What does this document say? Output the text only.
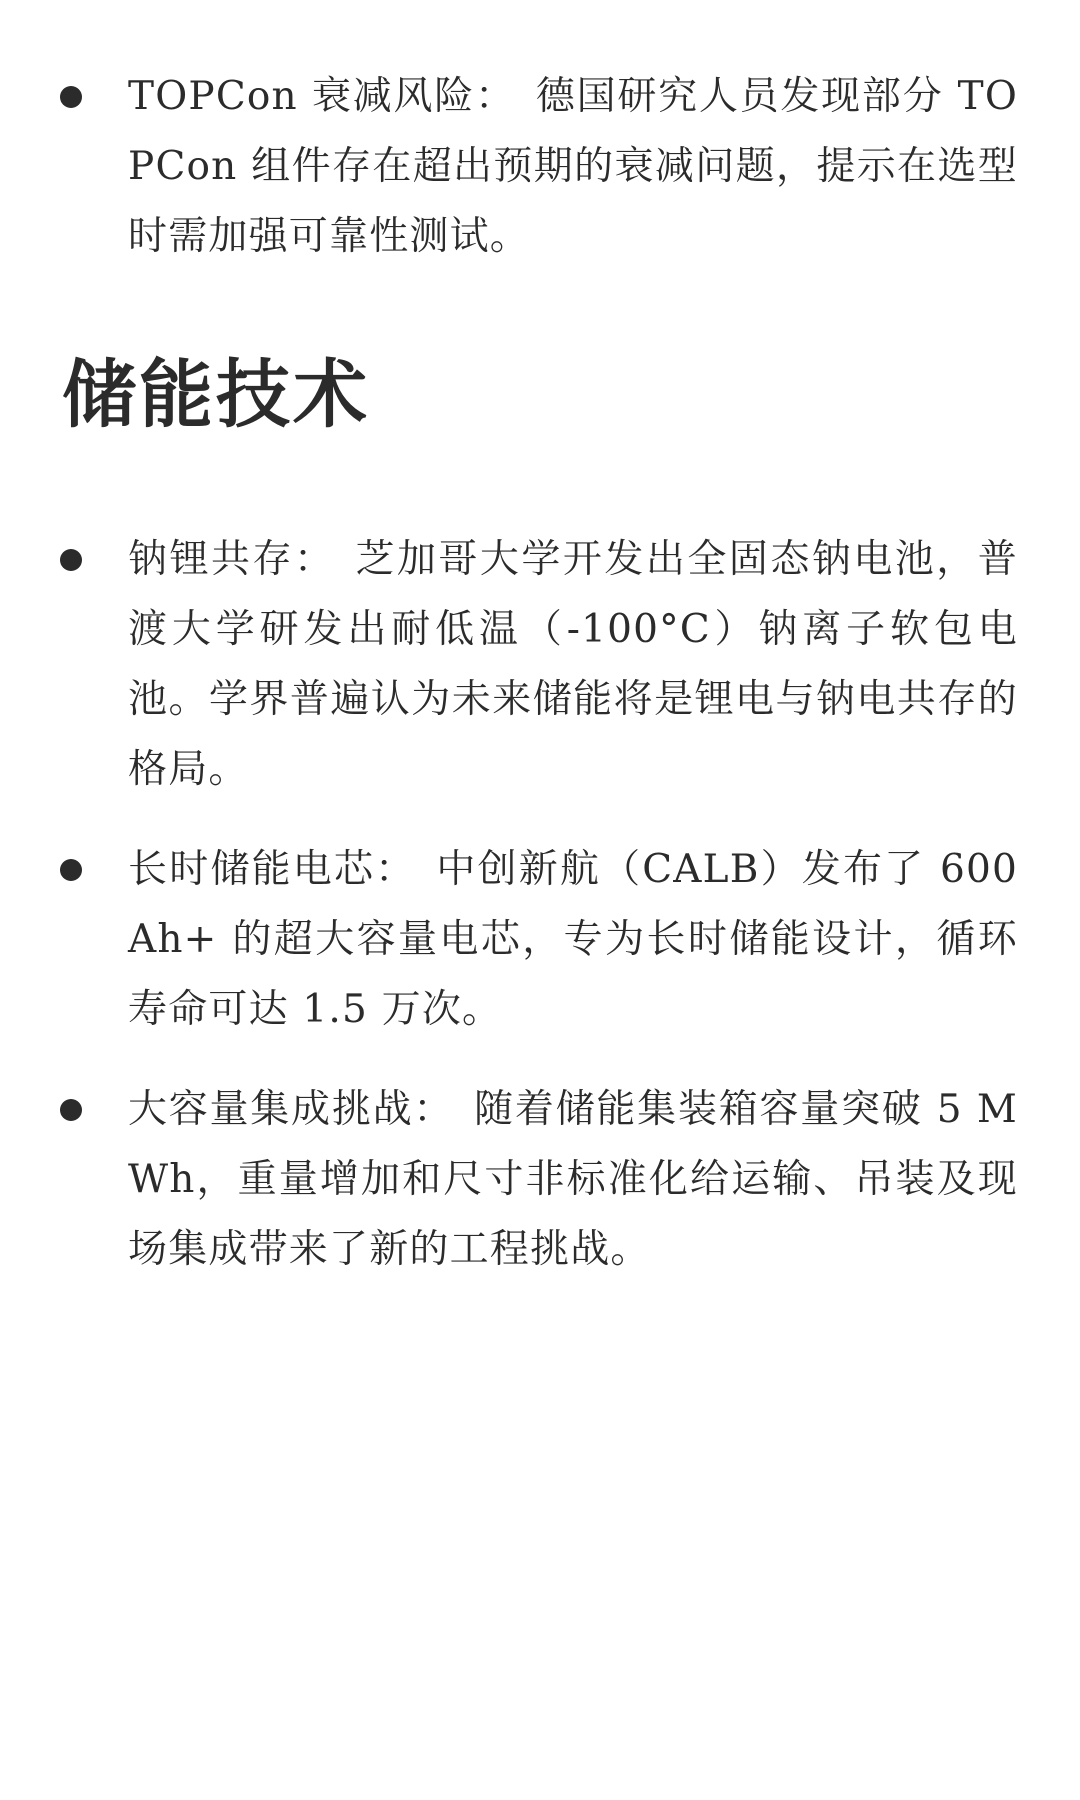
TOPCon 衰减风险： 德国研究人员发现部分 TOPCon 组件存在超出预期的衰减问题，提示在选型时需加强可靠性测试。
储能技术
钠锂共存： 芝加哥大学开发出全固态钠电池，普渡大学研发出耐低温（-100°C）钠离子软包电池。学界普遍认为未来储能将是锂电与钠电共存的格局。
长时储能电芯： 中创新航（CALB）发布了 600Ah+ 的超大容量电芯，专为长时储能设计，循环寿命可达 1.5 万次。
大容量集成挑战： 随着储能集装箱容量突破 5 MWh，重量增加和尺寸非标准化给运输、吊装及现场集成带来了新的工程挑战。
